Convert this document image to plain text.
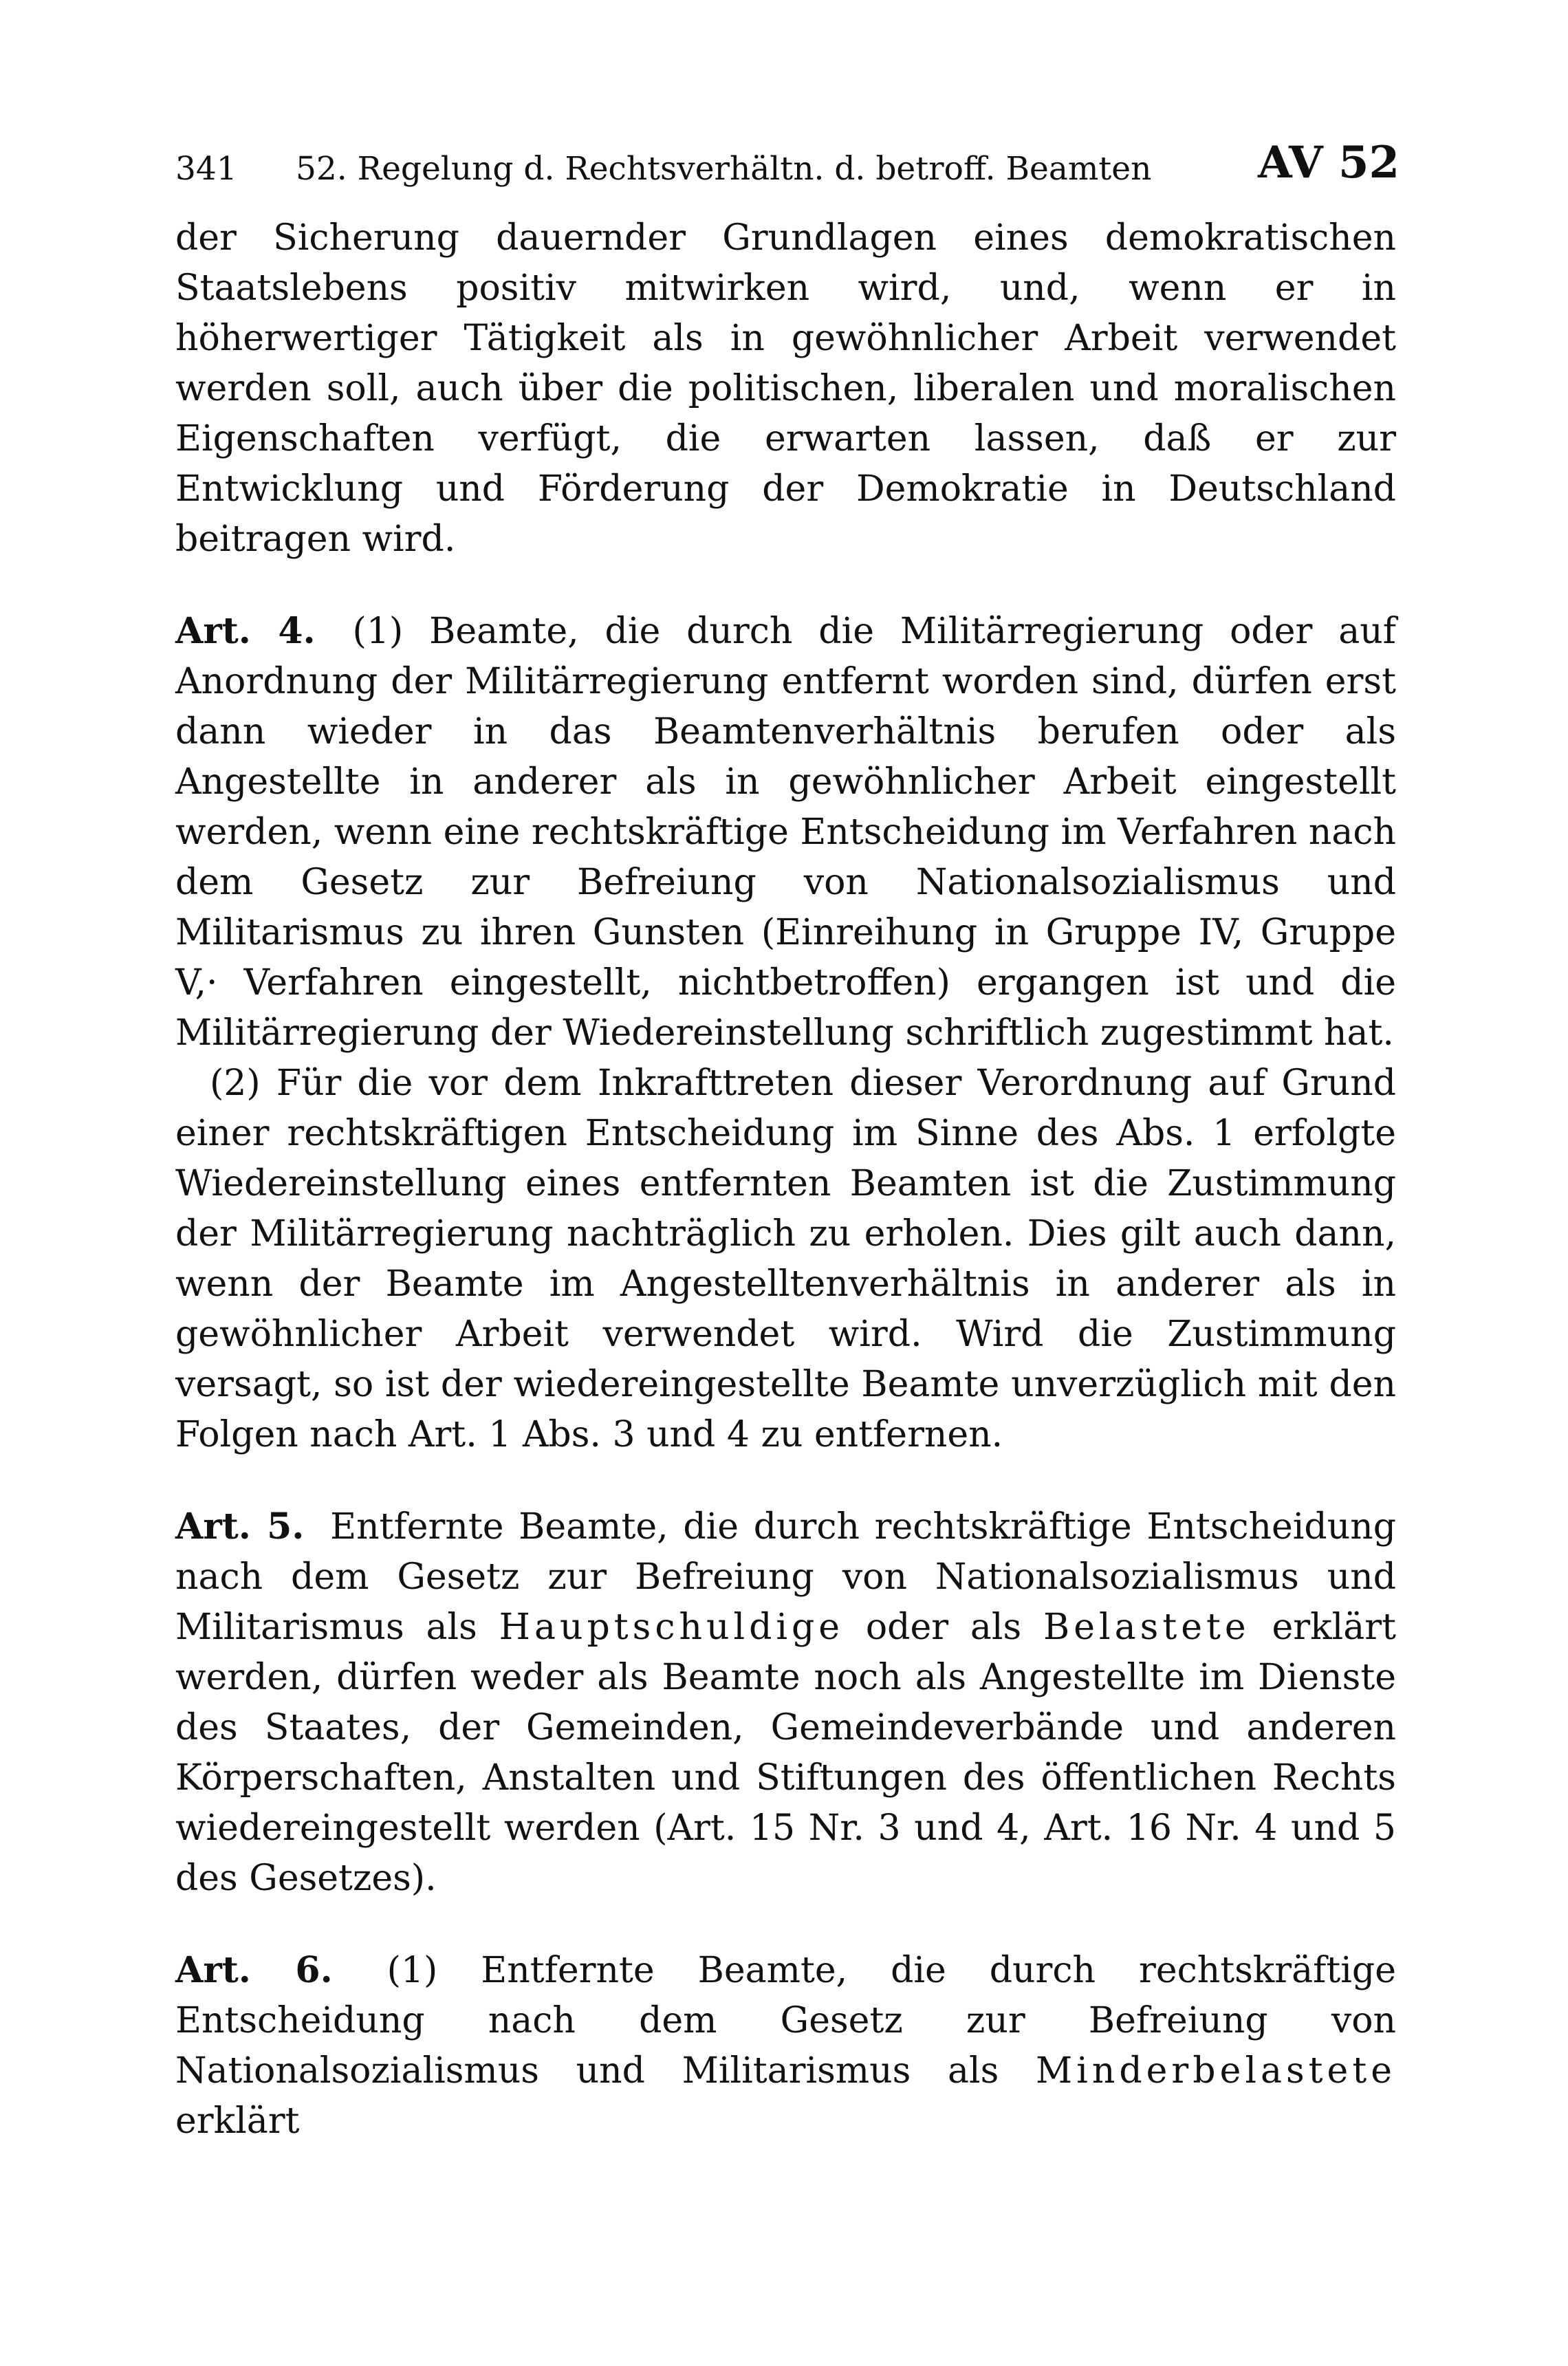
341 52. Regelung d. Rechtsverhältn. d. betroff. Beamten AV 52

der Sicherung dauernder Grundlagen eines demokratischen Staatslebens positiv mitwirken wird, und, wenn er in höherwertiger Tätigkeit als in gewöhnlicher Arbeit verwendet werden soll, auch über die politischen, liberalen und moralischen Eigenschaften verfügt, die erwarten lassen, daß er zur Entwicklung und Förderung der Demokratie in Deutschland beitragen wird.

Art. 4. (1) Beamte, die durch die Militärregierung oder auf Anordnung der Militärregierung entfernt worden sind, dürfen erst dann wieder in das Beamtenverhältnis berufen oder als Angestellte in anderer als in gewöhnlicher Arbeit eingestellt werden, wenn eine rechtskräftige Entscheidung im Verfahren nach dem Gesetz zur Befreiung von Nationalsozialismus und Militarismus zu ihren Gunsten (Einreihung in Gruppe IV, Gruppe V,· Verfahren eingestellt, nichtbetroffen) ergangen ist und die Militärregierung der Wiedereinstellung schriftlich zugestimmt hat.

(2) Für die vor dem Inkrafttreten dieser Verordnung auf Grund einer rechtskräftigen Entscheidung im Sinne des Abs. 1 erfolgte Wiedereinstellung eines entfernten Beamten ist die Zustimmung der Militärregierung nachträglich zu erholen. Dies gilt auch dann, wenn der Beamte im Angestelltenverhältnis in anderer als in gewöhnlicher Arbeit verwendet wird. Wird die Zustimmung versagt, so ist der wiedereingestellte Beamte unverzüglich mit den Folgen nach Art. 1 Abs. 3 und 4 zu entfernen.

Art. 5. Entfernte Beamte, die durch rechtskräftige Entscheidung nach dem Gesetz zur Befreiung von Nationalsozialismus und Militarismus als Hauptschuldige oder als Belastete erklärt werden, dürfen weder als Beamte noch als Angestellte im Dienste des Staates, der Gemeinden, Gemeindeverbände und anderen Körperschaften, Anstalten und Stiftungen des öffentlichen Rechts wiedereingestellt werden (Art. 15 Nr. 3 und 4, Art. 16 Nr. 4 und 5 des Gesetzes).

Art. 6. (1) Entfernte Beamte, die durch rechtskräftige Entscheidung nach dem Gesetz zur Befreiung von Nationalsozialismus und Militarismus als Minderbelastete erklärt
